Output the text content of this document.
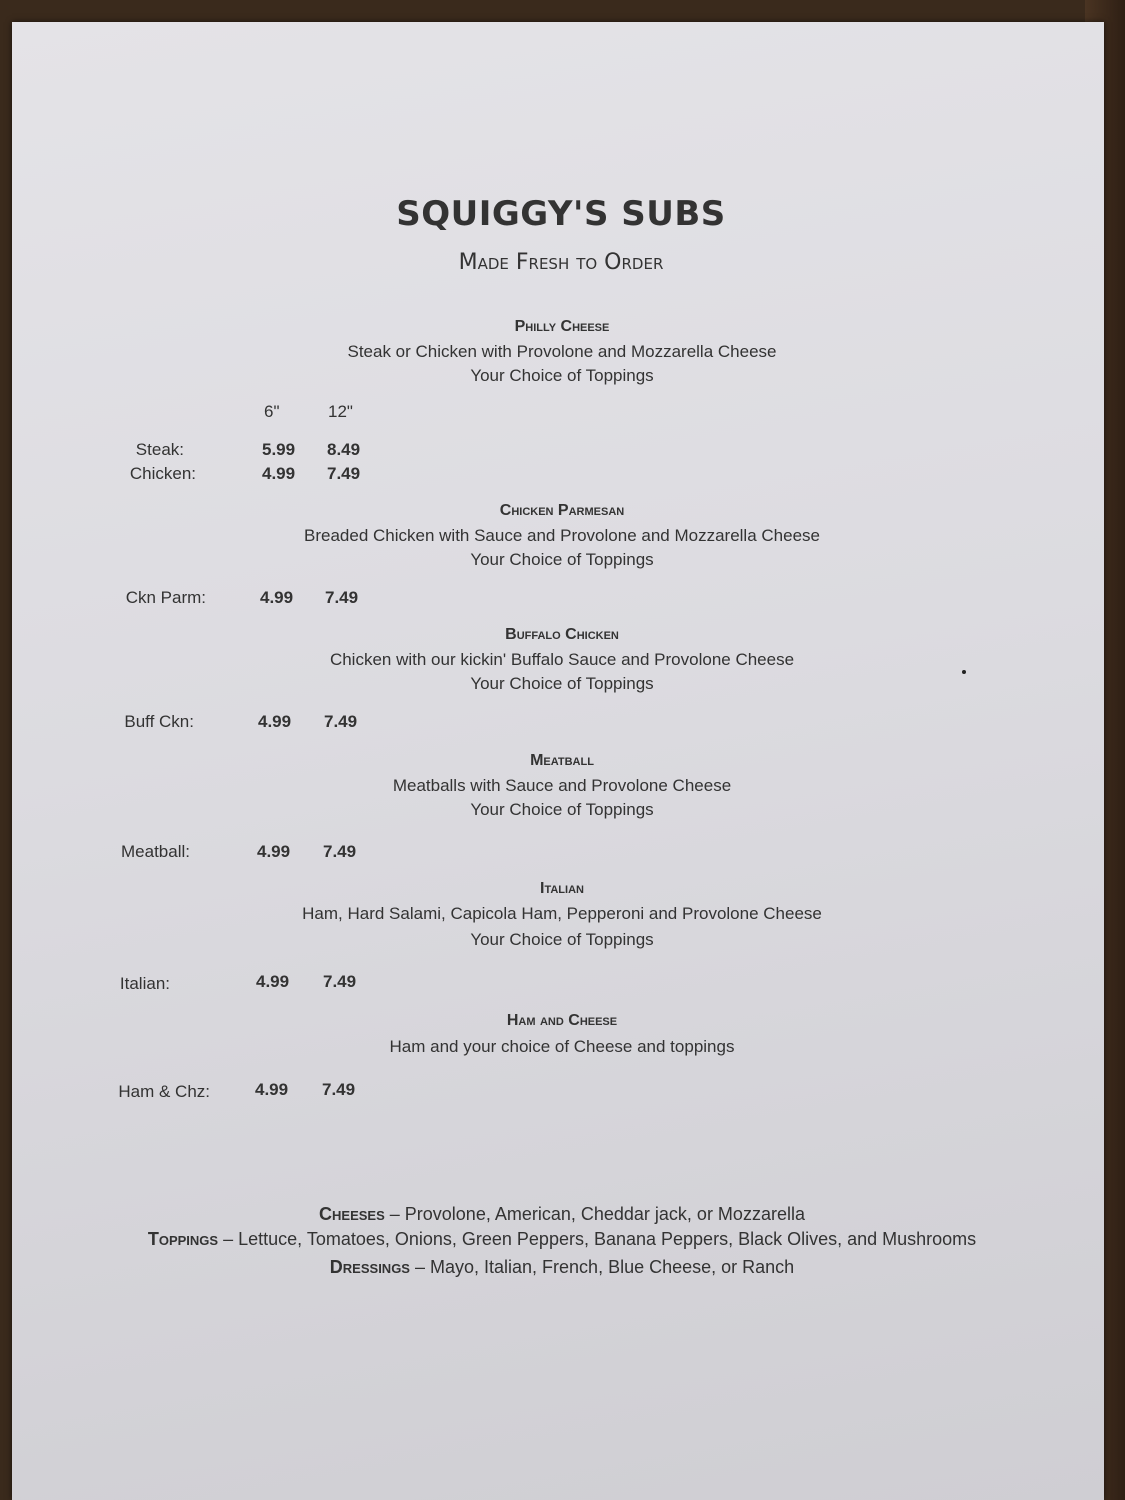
SQUIGGY'S SUBS
Made Fresh to Order
Philly Cheese
Steak or Chicken with Provolone and Mozzarella Cheese
Your Choice of Toppings
6"	12"
Steak:	5.99 8.49
Chicken:	4.99 7.49
Chicken Parmesan
Breaded Chicken with Sauce and Provolone and Mozzarella Cheese
Your Choice of Toppings
Ckn Parm:	4.99 7.49
Buffalo Chicken
Chicken with our kickin' Buffalo Sauce and Provolone Cheese
Your Choice of Toppings
Buff Ckn:	4.99 7.49
Meatball
Meatballs with Sauce and Provolone Cheese
Your Choice of Toppings
Meatball:	4.99 7.49
Italian
Ham, Hard Salami, Capicola Ham, Pepperoni and Provolone Cheese
Your Choice of Toppings
Italian:	4.99 7.49
Ham and Cheese
Ham and your choice of Cheese and toppings
Ham & Chz:	4.99 7.49
Cheeses – Provolone, American, Cheddar jack, or Mozzarella
Toppings – Lettuce, Tomatoes, Onions, Green Peppers, Banana Peppers, Black Olives, and Mushrooms
Dressings – Mayo, Italian, French, Blue Cheese, or Ranch
